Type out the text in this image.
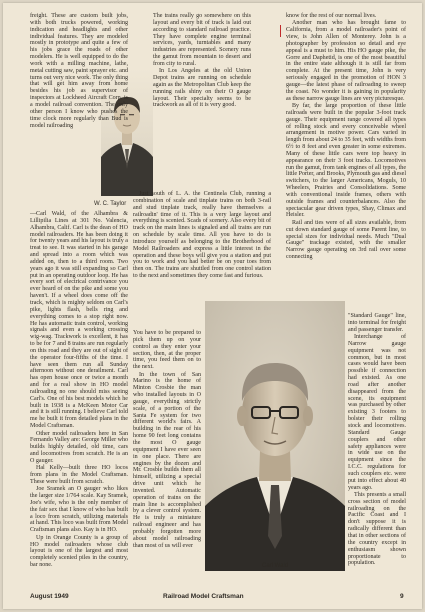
W. C. Taylor
Carl Wald

freight. These are custom built jobs, with both trucks powered, working indication and headlights and other individual features. They are modeled mostly in prototype and quite a few of his jobs grace the roads of other modelers. He is well equipped to do the work with a milling machine, lathe, metal cutting saw, paint sprayer etc. and turns out very nice work. The only thing that will get him away from home besides his job as supervisor of inspectors at Lockheed Aircraft Corp. is a model railroad convention. The only other person I know who pushes the time clock more regularly than Bud is model railroading

—Carl Wald, of the Alhambra & Lillipilia Lines at 301 No. Valencia, Alhambra, Calif. Carl is the dean of HO model railroaders. He has been doing it for twenty years and his layout is truly a treat to see. It was started in his garage and spread into a room which was added on, then to a third room. Two years ago it was still expanding so Carl put in an operating outdoor loop. He has every sort of electrical contrivance you ever heard of on the pike and some you haven't. If a wheel does come off the track, which is mighty seldom on Carl's pike, lights flash, bells ring and everything comes to a stop right now. He has automatic train control, working signals and even a working crossing wig-wag. Trackwork is excellent, it has to be for 7 and 8 trains are run regularly on this road and they are out of sight of the operator four-fifths of the time. I have seen them run all Sunday afternoon without one derailment. Carl has open house once or twice a month and for a real show in HO model railroading no one should miss seeing Carl's. One of his best models which he built in 1938 is a McKeen Motor Car and it is still running. I believe Carl told me he built it from detailed plans in the Model Craftsman.

Other model railroaders here in San Fernando Valley are: George Miller who builds highly detailed, old time, cars and locomotives from scratch. He is an O gauger.

Hal Kelly—built three HO locos from plans in the Model Craftsman. These were built from scratch.

Joe Sramek an O gauger who likes the larger size 1/764 scale. Kay Sramek, Joe's wife, who is the only member of the fair sex that I know of who has built a loco from scratch, utilizing materials at hand. This loco was built from Model Craftsman plans also. Kay is in HO.

Up in Orange County is a group of HO model railroaders whose club layout is one of the largest and most completely scenied piles in the country, bar none.

The trains really go somewhere on this layout and every bit of track is laid out according to standard railroad practice. They have complete engine terminal services, yards, turntables and many industries are represented. Scenery runs the gamut from mountain to desert and from city to rural.

In Los Angeles at the old Union Depot trains are running on schedule again as the Metropolitan Club keep the running rails shiny on their O gauge layout. Their specialty seems to be trackwork as all of it is very good.

Just south of L. A. the Centinela Club, running a combination of scale and tinplate trains on both 3-rail and stud tinplate track, really have themselves a railroadin' time of it. This is a very large layout and everything is scenied. Scads of scenery. Also every bit of track on the main lines is signaled and all trains are run on schedule by scale time. All you have to do is introduce yourself as belonging to the Brotherhood of Model Railroaders and express a little interest in the operation and these boys will give you a station and put you to work and you had better be on your toes from then on. The trains are shuttled from one control station to the next and sometimes they come fast and furious.

You have to be prepared to pick them up on your control as they enter your section, then, at the proper time, you feed them on to the next.

In the town of San Marino is the home of Minton Crosbie the man who installed layouts in O gauge, everything strictly scale, of a portion of the Santa Fe system for two different world's fairs. A building in the rear of his home 90 feet long contains the most O gauge equipment I have ever seen in one place. There are engines by the dozen and Mr. Crosbie builds them all himself, utilizing a special drive unit which he invented. Automatic operation of trains on the main line is accomplished by a clever control system. He is truly a miniature railroad engineer and has probably forgotten more about model railroading than most of us will ever

know for the rest of our normal lives.

Another man who has brought fame to California, from a model railroader's point of view, is John Allen of Monterey. John is a photographer by profession so detail and eye appeal is a must to him. His HO gauge pike, the Gorre and Daphetid, is one of the most beautiful in the entire state although it is still far from complete. At the present time, John is very seriously engaged in the promotion of HON 3 gauge—the latest phase of railroading to sweep the coast. No wonder it is gaining in popularity as these narrow gauge lines are very picturesque.

By far, the large proportion of these little railroads were built in the popular 3-foot track gauge. Their equipment range covered all types of rolling stock and every conceivable wheel arrangement in motive power. Cars varied in length from about 24 to 35 feet, with widths from 6½ to 8 feet and even greater in some extremes. Many of these little cars were top heavy in appearance on their 3 foot tracks. Locomotives run the gamut, from tank engines of all types, the little Porter, and Brooks, Plymouth gas and diesel switchers, to the larger Americans, Moguls, 10 Wheelers, Prairies and Consolidations. Some with conventional inside frames, others with outside frames and counterbalances. Also the spectacular gear driven types, Shay, Climax and Heisler.

Rail and ties were of all sizes available, from cut down standard gauge of some Parent line, to special sizes for individual needs. Much "Dual Gauge" trackage existed, with the smaller Narrow gauge operating on 3rd rail over some connecting

"Standard Gauge" line, into terminal for freight and passenger transfer.

Interchange of Narrow gauge equipment was not common, but in most cases would have been possible if connection had existed. As one road after another disappeared from the scene, its equipment was purchased by other existing 3 footers to bolster their rolling stock and locomotives. Standard Gauge couplers and other safety appliances were in wide use on the equipment since the I.C.C. regulations for such couplers etc. were put into effect about 40 years ago.

This presents a small cross section of model railroading on the Pacific Coast and I don't suppose it is radically different than that in other sections of the country except in enthusiasm shown proportionate to population.

August 1949	Railroad Model Craftsman	9
